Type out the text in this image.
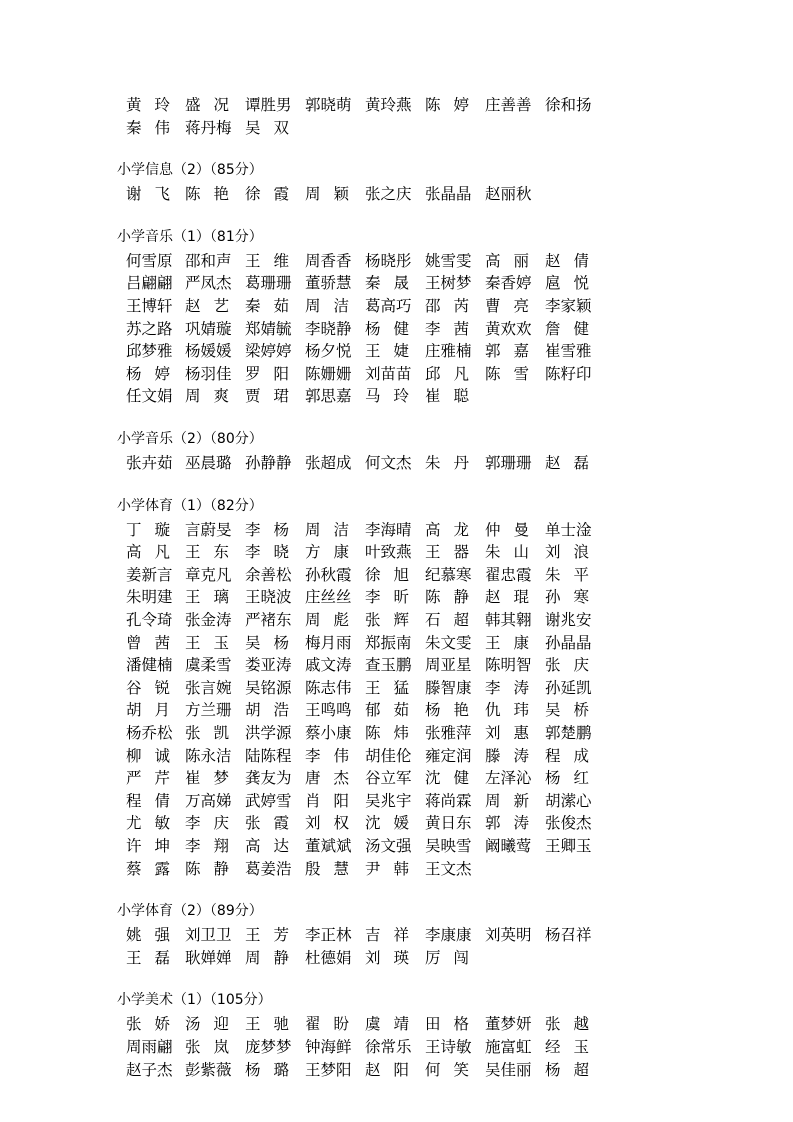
黄玲 盛况 谭胜男 郭晓萌 黄玲燕 陈婷 庄善善 徐和扬
秦伟 蒋丹梅 吴双
小学信息（2）（85分）
谢飞 陈艳 徐霞 周颖 张之庆 张晶晶 赵丽秋
小学音乐（1）（81分）
何雪原 邵和声 王维 周香香 杨晓彤 姚雪雯 高丽 赵倩
吕翩翩 严凤杰 葛珊珊 董骄慧 秦晟 王树梦 秦香婷 扈悦
王博轩 赵艺 秦茹 周洁 葛高巧 邵芮 曹亮 李家颖
苏之路 巩婧璇 郑婧毓 李晓静 杨健 李茜 黄欢欢 詹健
邱梦雅 杨媛媛 梁婷婷 杨夕悦 王婕 庄雅楠 郭嘉 崔雪雅
杨婷 杨羽佳 罗阳 陈姗姗 刘苗苗 邱凡 陈雪 陈籽印
任文娟 周爽 贾珺 郭思嘉 马玲 崔聪
小学音乐（2）（80分）
张卉茹 巫晨璐 孙静静 张超成 何文杰 朱丹 郭珊珊 赵磊
小学体育（1）（82分）
丁璇 言蔚旻 李杨 周洁 李海晴 高龙 仲曼 单士淦
高凡 王东 李晓 方康 叶致燕 王器 朱山 刘浪
姜新言 章克凡 余善松 孙秋霞 徐旭 纪慕寒 翟忠霞 朱平
朱明建 王璃 王晓波 庄丝丝 李昕 陈静 赵琨 孙寒
孔令琦 张金涛 严褚东 周彪 张辉 石超 韩其翱 谢兆安
曾茜 王玉 吴杨 梅月雨 郑振南 朱文雯 王康 孙晶晶
潘健楠 虞柔雪 娄亚涛 戚文涛 查玉鹏 周亚星 陈明智 张庆
谷锐 张言婉 吴铭源 陈志伟 王猛 滕智康 李涛 孙延凯
胡月 方兰珊 胡浩 王鸣鸣 郁茹 杨艳 仇玮 吴桥
杨乔松 张凯 洪学源 蔡小康 陈炜 张雅萍 刘惠 郭楚鹏
柳诚 陈永洁 陆陈程 李伟 胡佳伦 雍定润 滕涛 程成
严芹 崔梦 龚友为 唐杰 谷立军 沈健 左泽沁 杨红
程倩 万高娣 武婷雪 肖阳 吴兆宇 蒋尚霖 周新 胡潆心
尤敏 李庆 张霞 刘权 沈媛 黄日东 郭涛 张俊杰
许坤 李翔 高达 董斌斌 汤文强 吴映雪 阚曦莺 王卿玉
蔡露 陈静 葛姜浩 殷慧 尹韩 王文杰
小学体育（2）（89分）
姚强 刘卫卫 王芳 李正林 吉祥 李康康 刘英明 杨召祥
王磊 耿婵婵 周静 杜德娟 刘瑛 厉闯
小学美术（1）（105分）
张娇 汤迎 王驰 翟盼 虞靖 田格 董梦妍 张越
周雨翩 张岚 庞梦梦 钟海鲜 徐常乐 王诗敏 施富虹 经玉
赵子杰 彭紫薇 杨璐 王梦阳 赵阳 何笑 吴佳丽 杨超
